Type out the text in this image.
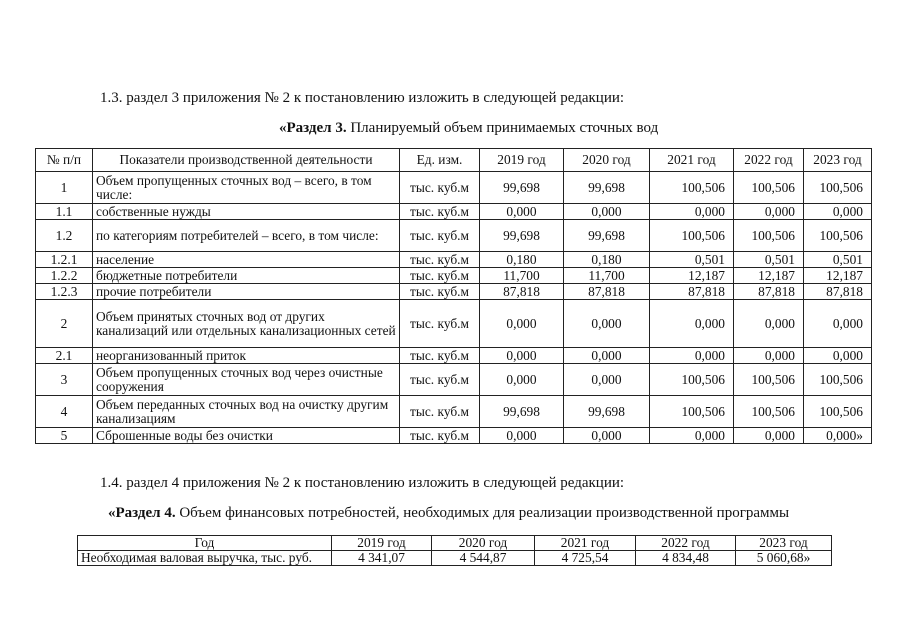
1.3. раздел 3 приложения № 2 к постановлению изложить в следующей редакции:
«Раздел 3. Планируемый объем принимаемых сточных вод
№ п/п	Показатели производственной деятельности	Ед. изм.	2019 год	2020 год	2021 год	2022 год	2023 год
1	Объем пропущенных сточных вод – всего, в том числе:	тыс. куб.м	99,698	99,698	100,506	100,506	100,506
1.1	собственные нужды	тыс. куб.м	0,000	0,000	0,000	0,000	0,000
1.2	по категориям потребителей – всего, в том числе:	тыс. куб.м	99,698	99,698	100,506	100,506	100,506
1.2.1	население	тыс. куб.м	0,180	0,180	0,501	0,501	0,501
1.2.2	бюджетные потребители	тыс. куб.м	11,700	11,700	12,187	12,187	12,187
1.2.3	прочие потребители	тыс. куб.м	87,818	87,818	87,818	87,818	87,818
2	Объем принятых сточных вод от других канализаций или отдельных канализационных сетей	тыс. куб.м	0,000	0,000	0,000	0,000	0,000
2.1	неорганизованный приток	тыс. куб.м	0,000	0,000	0,000	0,000	0,000
3	Объем пропущенных сточных вод через очистные сооружения	тыс. куб.м	0,000	0,000	100,506	100,506	100,506
4	Объем переданных сточных вод на очистку другим канализациям	тыс. куб.м	99,698	99,698	100,506	100,506	100,506
5	Сброшенные воды без очистки	тыс. куб.м	0,000	0,000	0,000	0,000	0,000»
1.4. раздел 4 приложения № 2 к постановлению изложить в следующей редакции:
«Раздел 4. Объем финансовых потребностей, необходимых для реализации производственной программы
Год	2019 год	2020 год	2021 год	2022 год	2023 год
Необходимая валовая выручка, тыс. руб.	4 341,07	4 544,87	4 725,54	4 834,48	5 060,68»
